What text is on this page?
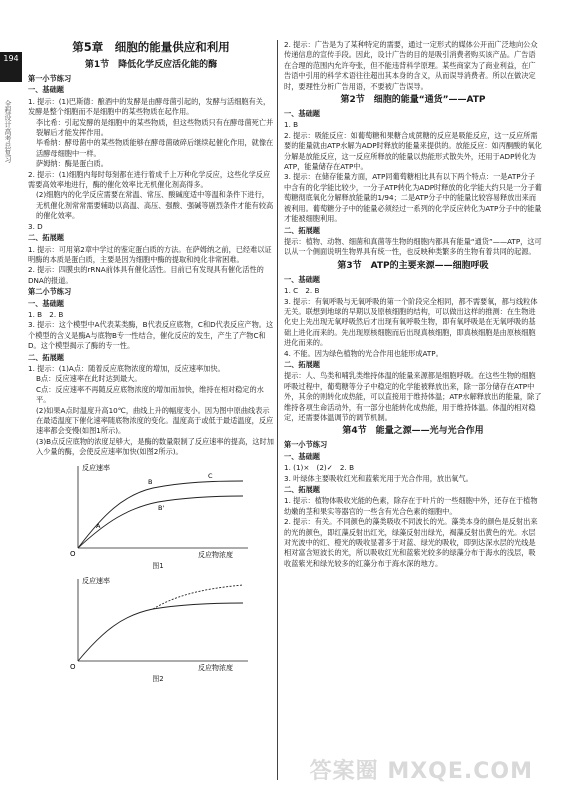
194
全程设计高考总复习
第5章　细胞的能量供应和利用
第1节　降低化学反应活化能的酶
第一小节练习
一、基础题

1. 提示：(1)巴斯德：酿酒中的发酵是由酵母菌引起的，发酵与活细胞有关，发酵是整个细胞而不是细胞中的某些物质在起作用。

李比希：引起发酵的是细胞中的某些物质，但这些物质只有在酵母菌死亡并裂解后才能发挥作用。

毕希纳：酵母菌中的某些物质能够在酵母菌破碎后继续起催化作用，就像在活酵母细胞中一样。

萨姆纳：酶是蛋白质。

2. 提示：(1)细胞内每时每刻都在进行着成千上万种化学反应，这些化学反应需要高效率地进行，酶的催化效率比无机催化剂高得多。

(2)细胞内的化学反应需要在常温、常压、酸碱度适中等温和条件下进行，无机催化剂常常需要辅助以高温、高压、强酸、强碱等剧烈条件才能有较高的催化效率。

3. D

二、拓展题

1. 提示：可用第2章中学过的鉴定蛋白质的方法。在萨姆纳之前，已经难以证明酶的本质是蛋白质，主要是因为细胞中酶的提取和纯化非常困难。

2. 提示：四膜虫的rRNA前体具有催化活性。目前已有发现具有催化活性的DNA的报道。

第二小节练习
一、基础题

1. B　2. B

3. 提示：这个模型中A代表某类酶，B代表反应底物，C和D代表反应产物。这个模型的含义是酶A与底物B专一性结合，催化反应的发生，产生了产物C和D。这个模型揭示了酶的专一性。

二、拓展题

1. 提示：(1)A点：随着反应底物浓度的增加，反应速率加快。

B点：反应速率在此时达到最大。

C点：反应速率不再随反应底物浓度的增加而加快，维持在相对稳定的水平。

(2)如果A点时温度升高10℃，曲线上升的幅度变小。因为图中原曲线表示在最适温度下催化速率随底物浓度的变化。温度高于或低于最适温度，反应速率都会变慢(如图1所示)。

(3)B点反应底物的浓度足够大，是酶的数量限制了反应速率的提高，这时加入少量的酶，会使反应速率加快(如图2所示)。

反应速率
反应物浓度
O
A
B
B'
C
图1
反应速率
反应物浓度
O
图2

2. 提示：广告是为了某种特定的需要，通过一定形式的媒体公开而广泛地向公众传递信息的宣传手段。因此，设计广告的目的是吸引消费者购买该产品。广告语在合理的范围内允许夸张，但不能违背科学原理。某些商家为了商业利益，在广告语中引用的科学术语往往超出其本身的含义，从而误导消费者。所以在做决定时，要理性分析广告用语，不要被广告误导。

第2节　细胞的能量“通货”——ATP
一、基础题

1. B

2. 提示：吸能反应：如葡萄糖和果糖合成蔗糖的反应是吸能反应，这一反应所需要的能量就由ATP水解为ADP时释放的能量来提供的。放能反应：如丙酮酸的氧化分解是放能反应，这一反应所释放的能量以热能形式散失外，还用于ADP转化为ATP，能量储存在ATP中。

3. 提示：在储存能量方面，ATP同葡萄糖相比具有以下两个特点：一是ATP分子中含有的化学能比较少，一分子ATP转化为ADP时释放的化学能大约只是一分子葡萄糖彻底氧化分解释放能量的1/94；二是ATP分子中的能量比较容易释放出来而被利用。葡萄糖分子中的能量必须经过一系列的化学反应转化为ATP分子中的能量才能被细胞利用。

二、拓展题

提示：植物、动物、细菌和真菌等生物的细胞内都具有能量“通货”——ATP，这可以从一个侧面说明生物界具有统一性，也反映种类繁多的生物有着共同的起源。

第3节　ATP的主要来源——细胞呼吸
一、基础题

1. C　2. B

3. 提示：有氧呼吸与无氧呼吸的第一个阶段完全相同，都不需要氧，都与线粒体无关。联想到地球的早期以及原核细胞的结构，可以做出这样的推测：在生物进化史上先出现无氧呼吸然后才出现有氧呼吸生物，即有氧呼吸是在无氧呼吸的基础上进化而来的。先出现原核细胞而后出现真核细胞，即真核细胞是由原核细胞进化而来的。

4. 不能。因为绿色植物的光合作用也能形成ATP。

二、拓展题

提示：人、鸟类和哺乳类维持体温的能量来源都是细胞呼吸。在这些生物的细胞呼吸过程中，葡萄糖等分子中稳定的化学能被释放出来，除一部分储存在ATP中外，其余的则转化成热能，可以直接用于维持体温；ATP水解释放出的能量，除了维持各项生命活动外，有一部分也能转化成热能，用于维持体温。体温的相对稳定，还需要体温调节的调节机制。

第4节　能量之源——光与光合作用
第一小节练习
一、基础题

1. (1)×　(2)✓　2. B

3. 叶绿体主要吸收红光和蓝紫光用于光合作用，放出氧气。

二、拓展题

1. 提示：植物体吸收光能的色素，除存在于叶片的一些细胞中外，还存在于植物幼嫩的茎和果实等器官的一些含有光合色素的细胞中。

2. 提示：有关。不同颜色的藻类吸收不同波长的光。藻类本身的颜色是反射出来的光的颜色，即红藻反射出红光，绿藻反射出绿光，褐藻反射出黄色的光。水层对光波中的红、橙光的吸收显著多于对蓝、绿光的吸收，即到达深水层的光线是相对富含短波长的光，所以吸收红光和蓝紫光较多的绿藻分布于海水的浅层，吸收蓝紫光和绿光较多的红藻分布于海水深的地方。

答案圈 MXQE.COM
